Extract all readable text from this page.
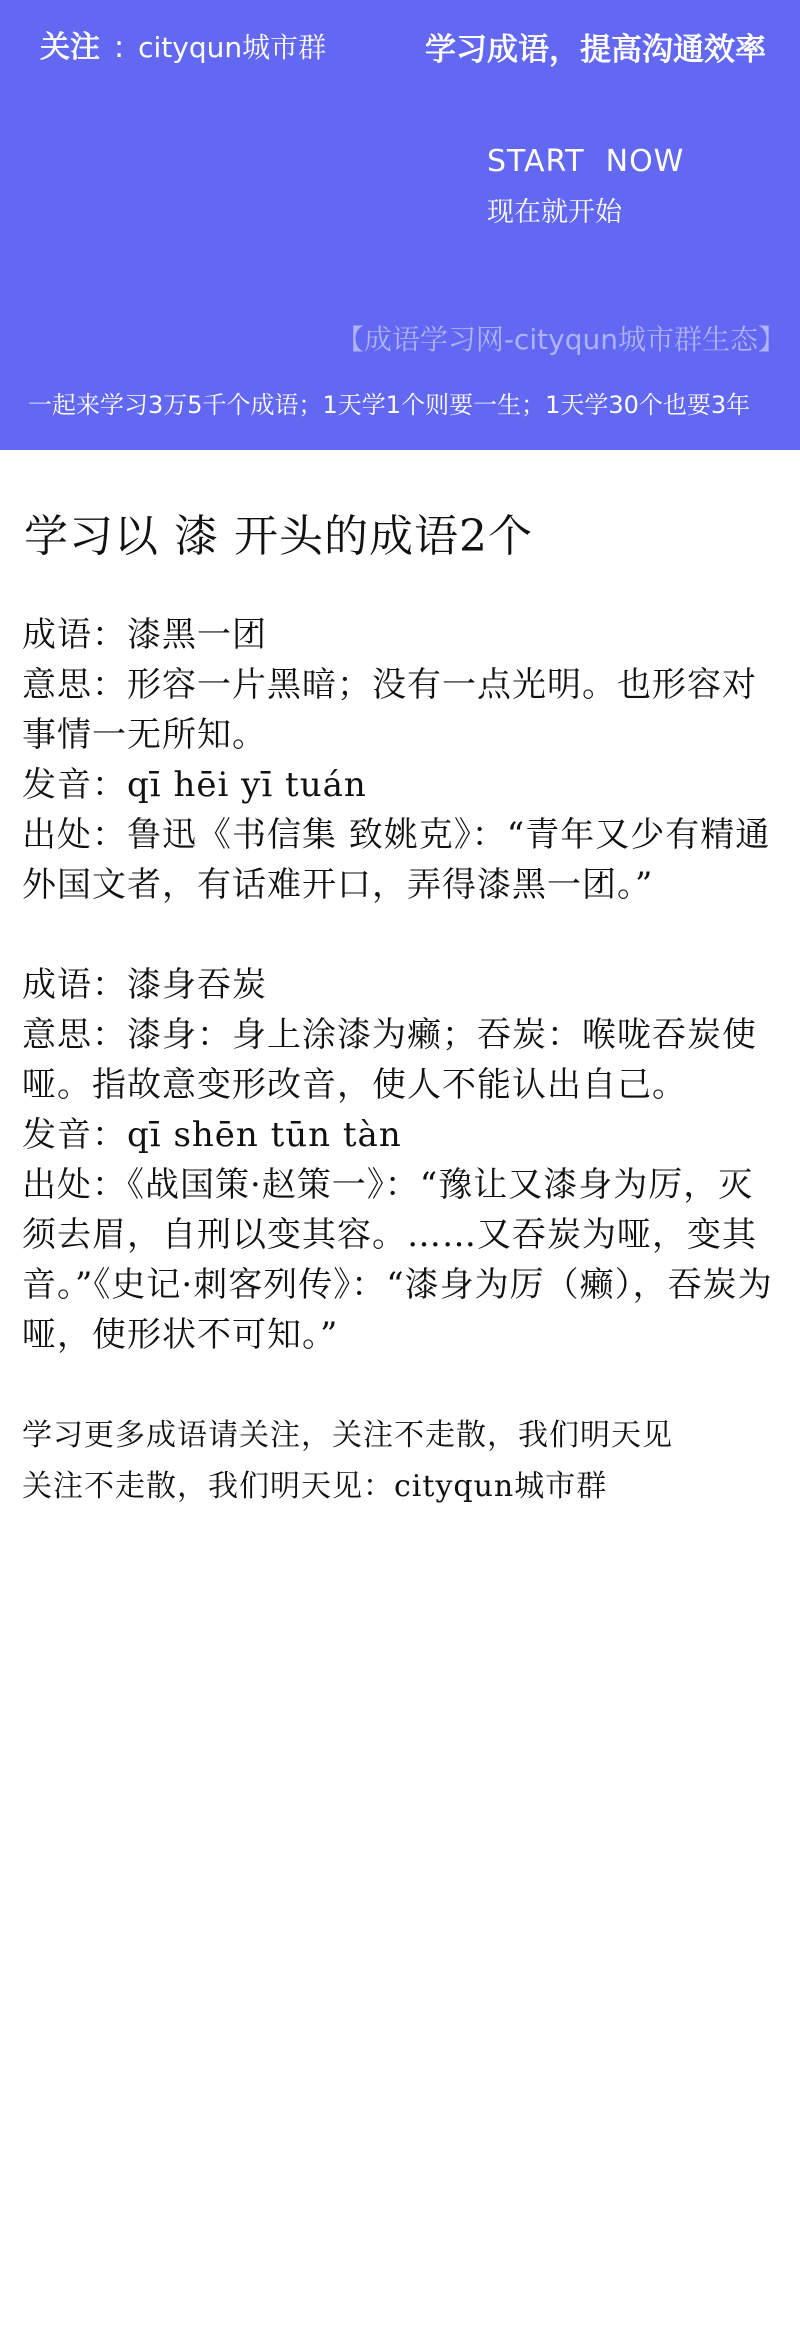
关注 : cityqun城市群	学习成语，提高沟通效率
START  NOW
现在就开始
【成语学习网-cityqun城市群生态】
一起来学习3万5千个成语；1天学1个则要一生；1天学30个也要3年
学习以 漆 开头的成语2个

成语：漆黑一团

意思：形容一片黑暗；没有一点光明。也形容对事情一无所知。

发音：qī hēi yī tuán

出处：鲁迅《书信集 致姚克》：“青年又少有精通外国文者，有话难开口，弄得漆黑一团。”

成语：漆身吞炭

意思：漆身：身上涂漆为癞；吞炭：喉咙吞炭使哑。指故意变形改音，使人不能认出自己。

发音：qī shēn tūn tàn

出处：《战国策·赵策一》：“豫让又漆身为厉，灭须去眉，自刑以变其容。……又吞炭为哑，变其音。”《史记·刺客列传》：“漆身为厉（癞），吞炭为哑，使形状不可知。”

学习更多成语请关注，关注不走散，我们明天见
关注不走散，我们明天见：cityqun城市群
